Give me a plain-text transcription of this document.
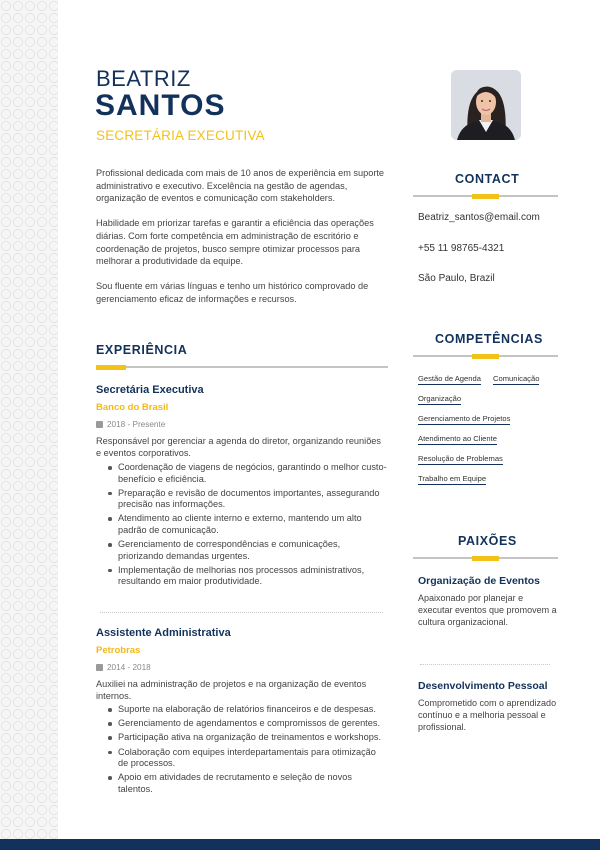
BEATRIZ
SANTOS
SECRETÁRIA EXECUTIVA

Profissional dedicada com mais de 10 anos de experiência em suporte administrativo e executivo. Excelência na gestão de agendas, organização de eventos e comunicação com stakeholders.

Habilidade em priorizar tarefas e garantir a eficiência das operações diárias. Com forte competência em administração de escritório e coordenação de projetos, busco sempre otimizar processos para melhorar a produtividade da equipe.

Sou fluente em várias línguas e tenho um histórico comprovado de gerenciamento eficaz de informações e recursos.

EXPERIÊNCIA
Secretária Executiva
Banco do Brasil
2018 - Presente
Responsável por gerenciar a agenda do diretor, organizando reuniões e eventos corporativos.
Coordenação de viagens de negócios, garantindo o melhor custo-benefício e eficiência.
Preparação e revisão de documentos importantes, assegurando precisão nas informações.
Atendimento ao cliente interno e externo, mantendo um alto padrão de comunicação.
Gerenciamento de correspondências e comunicações, priorizando demandas urgentes.
Implementação de melhorias nos processos administrativos, resultando em maior produtividade.
Assistente Administrativa
Petrobras
2014 - 2018
Auxiliei na administração de projetos e na organização de eventos internos.
Suporte na elaboração de relatórios financeiros e de despesas.
Gerenciamento de agendamentos e compromissos de gerentes.
Participação ativa na organização de treinamentos e workshops.
Colaboração com equipes interdepartamentais para otimização de processos.
Apoio em atividades de recrutamento e seleção de novos talentos.
CONTACT
Beatriz_santos@email.com
+55 11 98765-4321
São Paulo, Brazil
COMPETÊNCIAS
Gestão de Agenda Comunicação
Organização
Gerenciamento de Projetos
Atendimento ao Cliente
Resolução de Problemas
Trabalho em Equipe
PAIXÕES
Organização de Eventos
Apaixonado por planejar e executar eventos que promovem a cultura organizacional.
Desenvolvimento Pessoal
Comprometido com o aprendizado contínuo e a melhoria pessoal e profissional.
